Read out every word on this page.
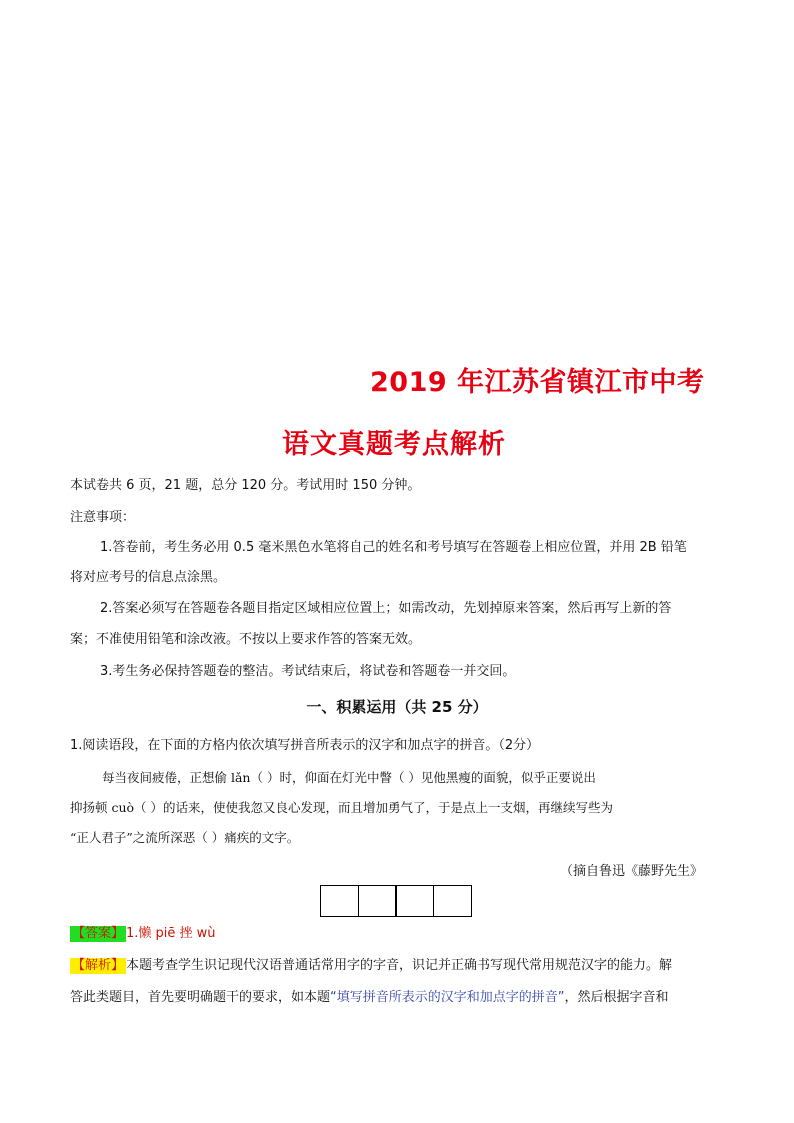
2019 年江苏省镇江市中考
语文真题考点解析
本试卷共 6 页，21 题，总分 120 分。考试用时 150 分钟。
注意事项：
1.答卷前，考生务必用 0.5 毫米黑色水笔将自己的姓名和考号填写在答题卷上相应位置，并用 2B 铅笔
将对应考号的信息点涂黑。
2.答案必须写在答题卷各题目指定区域相应位置上；如需改动，先划掉原来答案，然后再写上新的答
案；不准使用铅笔和涂改液。不按以上要求作答的答案无效。
3.考生务必保持答题卷的整洁。考试结束后，将试卷和答题卷一并交回。
一、积累运用（共 25 分）
1.阅读语段，在下面的方格内依次填写拼音所表示的汉字和加点字的拼音。（2分）
每当夜间疲倦，正想偷 lǎn（ ）时，仰面在灯光中瞥（ ）见他黑瘦的面貌，似乎正要说出
抑扬顿 cuò（ ）的话来，使使我忽又良心发现，而且增加勇气了，于是点上一支烟，再继续写些为
“正人君子”之流所深恶（ ）痛疾的文字。
（摘自鲁迅《藤野先生》
【答案】 1.懒 piē 挫 wù
【解析】 本题考查学生识记现代汉语普通话常用字的字音，识记并正确书写现代常用规范汉字的能力。解
答此类题目，首先要明确题干的要求，如本题“填写拼音所表示的汉字和加点字的拼音”，然后根据字音和
